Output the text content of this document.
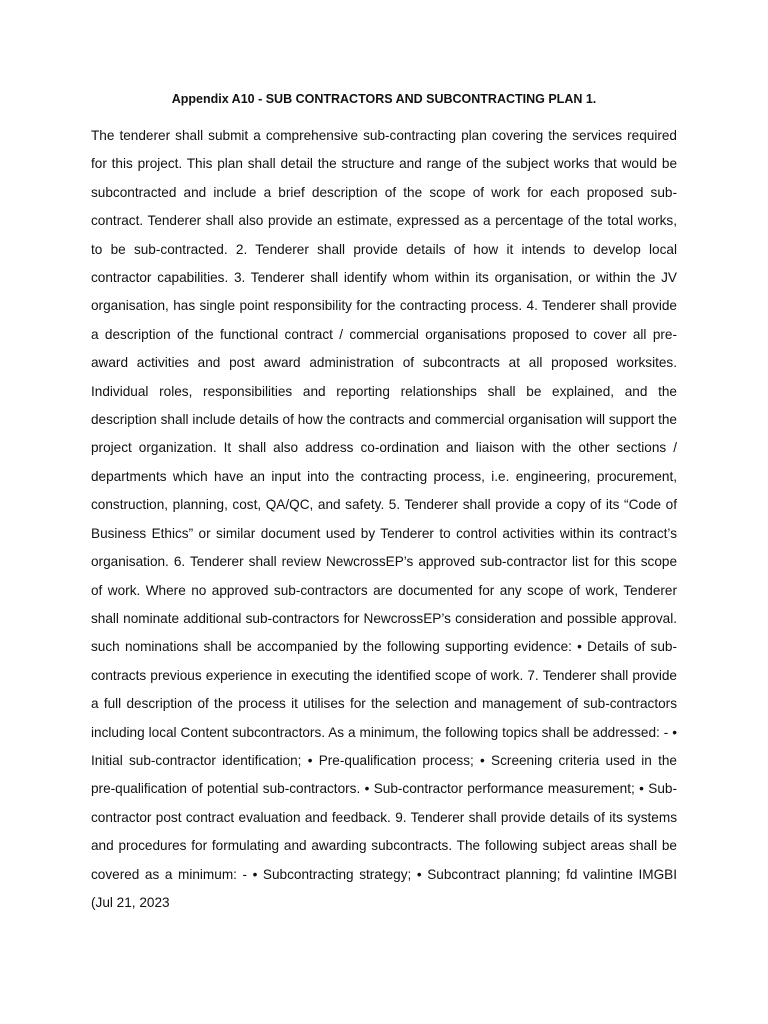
Appendix A10 - SUB CONTRACTORS AND SUBCONTRACTING PLAN 1.

The tenderer shall submit a comprehensive sub-contracting plan covering the services required for this project. This plan shall detail the structure and range of the subject works that would be subcontracted and include a brief description of the scope of work for each proposed sub-contract. Tenderer shall also provide an estimate, expressed as a percentage of the total works, to be sub-contracted. 2. Tenderer shall provide details of how it intends to develop local contractor capabilities. 3. Tenderer shall identify whom within its organisation, or within the JV organisation, has single point responsibility for the contracting process. 4. Tenderer shall provide a description of the functional contract / commercial organisations proposed to cover all pre-award activities and post award administration of subcontracts at all proposed worksites. Individual roles, responsibilities and reporting relationships shall be explained, and the description shall include details of how the contracts and commercial organisation will support the project organization. It shall also address co-ordination and liaison with the other sections / departments which have an input into the contracting process, i.e. engineering, procurement, construction, planning, cost, QA/QC, and safety. 5. Tenderer shall provide a copy of its “Code of Business Ethics” or similar document used by Tenderer to control activities within its contract’s organisation. 6. Tenderer shall review NewcrossEP’s approved sub-contractor list for this scope of work. Where no approved sub-contractors are documented for any scope of work, Tenderer shall nominate additional sub-contractors for NewcrossEP’s consideration and possible approval. such nominations shall be accompanied by the following supporting evidence: • Details of sub-contracts previous experience in executing the identified scope of work. 7. Tenderer shall provide a full description of the process it utilises for the selection and management of sub-contractors including local Content subcontractors. As a minimum, the following topics shall be addressed: - • Initial sub-contractor identification; • Pre-qualification process; • Screening criteria used in the pre-qualification of potential sub-contractors. • Sub-contractor performance measurement; • Sub-contractor post contract evaluation and feedback. 9. Tenderer shall provide details of its systems and procedures for formulating and awarding subcontracts. The following subject areas shall be covered as a minimum: - • Subcontracting strategy; • Subcontract planning; fd valintine IMGBI (Jul 21, 2023
